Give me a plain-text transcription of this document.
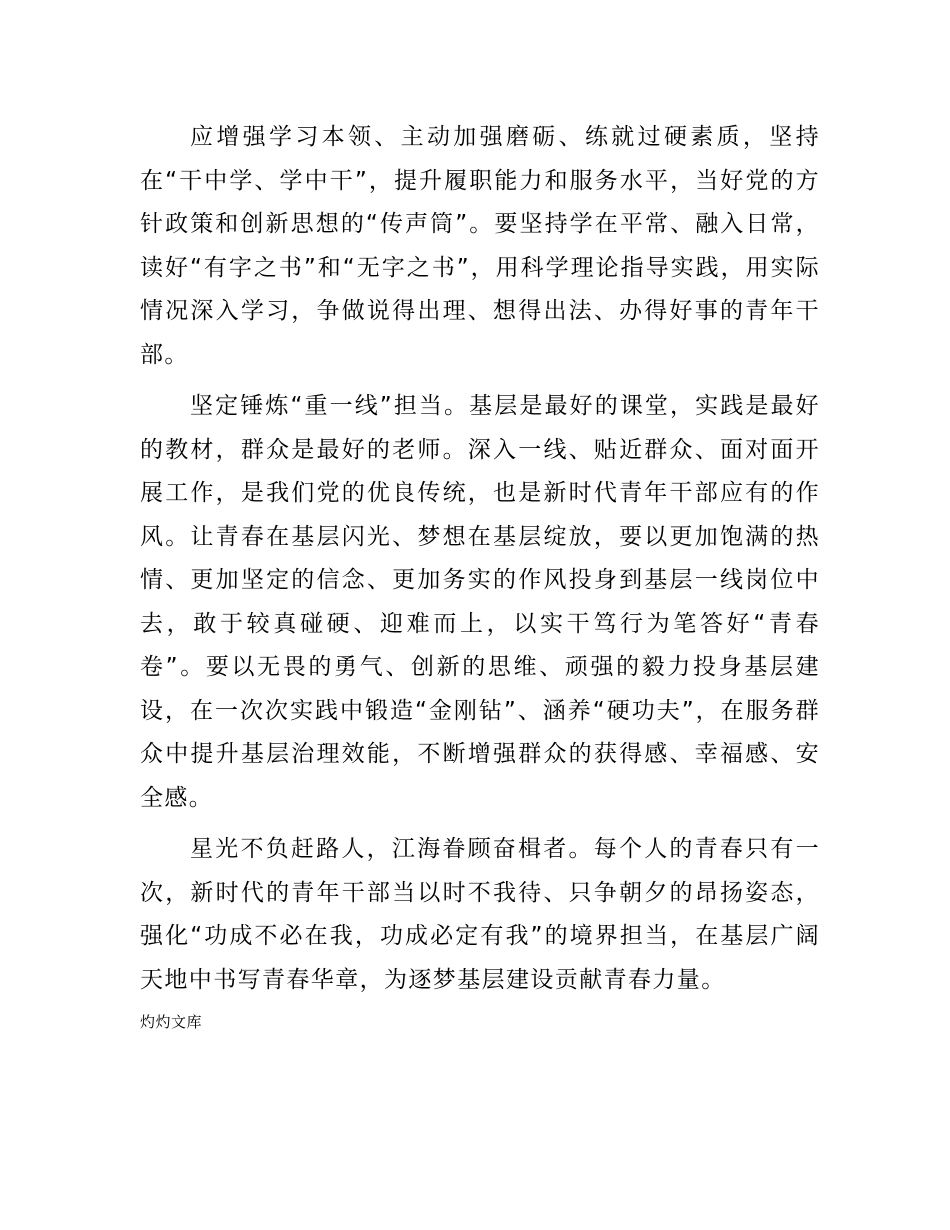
应增强学习本领、主动加强磨砺、练就过硬素质，坚持在“干中学、学中干”，提升履职能力和服务水平，当好党的方针政策和创新思想的“传声筒”。要坚持学在平常、融入日常，读好“有字之书”和“无字之书”，用科学理论指导实践，用实际情况深入学习，争做说得出理、想得出法、办得好事的青年干部。

坚定锤炼“重一线”担当。基层是最好的课堂，实践是最好的教材，群众是最好的老师。深入一线、贴近群众、面对面开展工作，是我们党的优良传统，也是新时代青年干部应有的作风。让青春在基层闪光、梦想在基层绽放，要以更加饱满的热情、更加坚定的信念、更加务实的作风投身到基层一线岗位中去，敢于较真碰硬、迎难而上，以实干笃行为笔答好“青春卷”。要以无畏的勇气、创新的思维、顽强的毅力投身基层建设，在一次次实践中锻造“金刚钻”、涵养“硬功夫”，在服务群众中提升基层治理效能，不断增强群众的获得感、幸福感、安全感。

星光不负赶路人，江海眷顾奋楫者。每个人的青春只有一次，新时代的青年干部当以时不我待、只争朝夕的昂扬姿态，强化“功成不必在我，功成必定有我”的境界担当，在基层广阔天地中书写青春华章，为逐梦基层建设贡献青春力量。

灼灼文库
